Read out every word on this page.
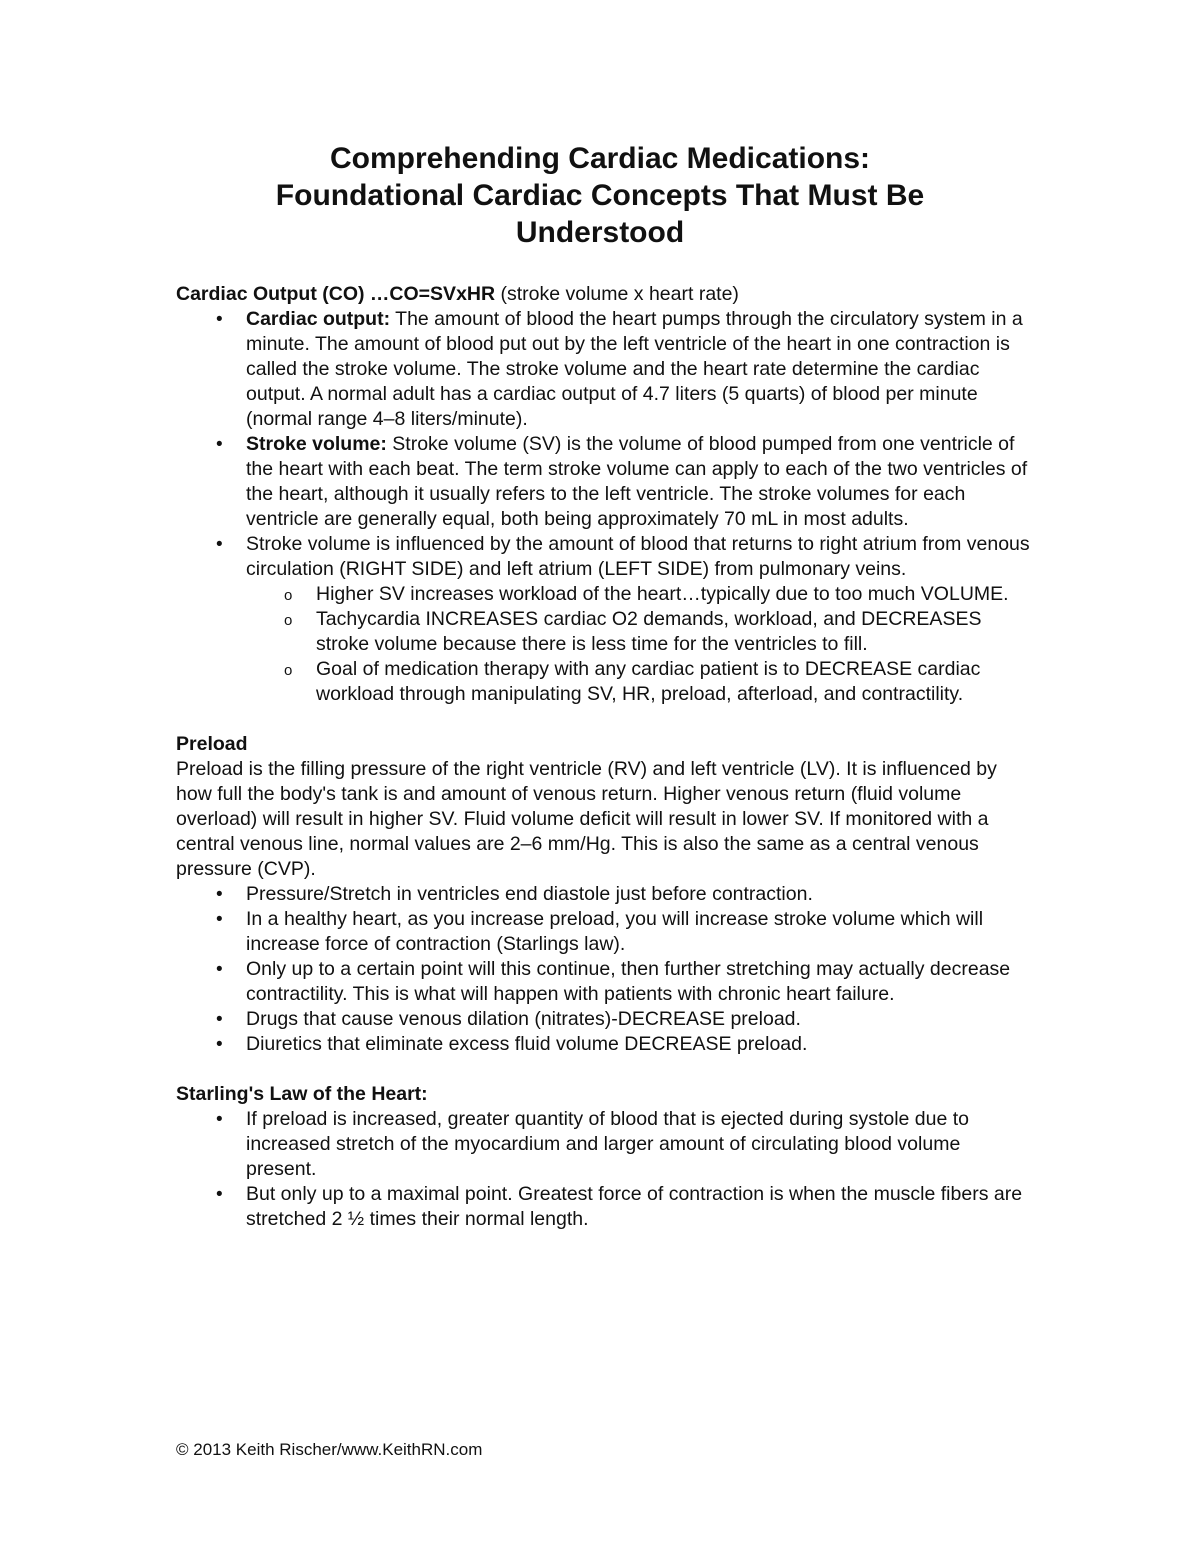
Comprehending Cardiac Medications:
Foundational Cardiac Concepts That Must Be
Understood
Cardiac Output (CO) …CO=SVxHR (stroke volume x heart rate)
• Cardiac output: The amount of blood the heart pumps through the circulatory system in a minute. The amount of blood put out by the left ventricle of the heart in one contraction is called the stroke volume. The stroke volume and the heart rate determine the cardiac output. A normal adult has a cardiac output of 4.7 liters (5 quarts) of blood per minute (normal range 4–8 liters/minute).
• Stroke volume: Stroke volume (SV) is the volume of blood pumped from one ventricle of the heart with each beat. The term stroke volume can apply to each of the two ventricles of the heart, although it usually refers to the left ventricle. The stroke volumes for each ventricle are generally equal, both being approximately 70 mL in most adults.
• Stroke volume is influenced by the amount of blood that returns to right atrium from venous circulation (RIGHT SIDE) and left atrium (LEFT SIDE) from pulmonary veins.
o Higher SV increases workload of the heart…typically due to too much VOLUME.
o Tachycardia INCREASES cardiac O2 demands, workload, and DECREASES stroke volume because there is less time for the ventricles to fill.
o Goal of medication therapy with any cardiac patient is to DECREASE cardiac workload through manipulating SV, HR, preload, afterload, and contractility.
Preload
Preload is the filling pressure of the right ventricle (RV) and left ventricle (LV). It is influenced by how full the body's tank is and amount of venous return. Higher venous return (fluid volume overload) will result in higher SV. Fluid volume deficit will result in lower SV. If monitored with a central venous line, normal values are 2–6 mm/Hg. This is also the same as a central venous pressure (CVP).
• Pressure/Stretch in ventricles end diastole just before contraction.
• In a healthy heart, as you increase preload, you will increase stroke volume which will increase force of contraction (Starlings law).
• Only up to a certain point will this continue, then further stretching may actually decrease contractility. This is what will happen with patients with chronic heart failure.
• Drugs that cause venous dilation (nitrates)-DECREASE preload.
• Diuretics that eliminate excess fluid volume DECREASE preload.
Starling's Law of the Heart:
• If preload is increased, greater quantity of blood that is ejected during systole due to increased stretch of the myocardium and larger amount of circulating blood volume present.
• But only up to a maximal point. Greatest force of contraction is when the muscle fibers are stretched 2 ½ times their normal length.
© 2013 Keith Rischer/www.KeithRN.com
